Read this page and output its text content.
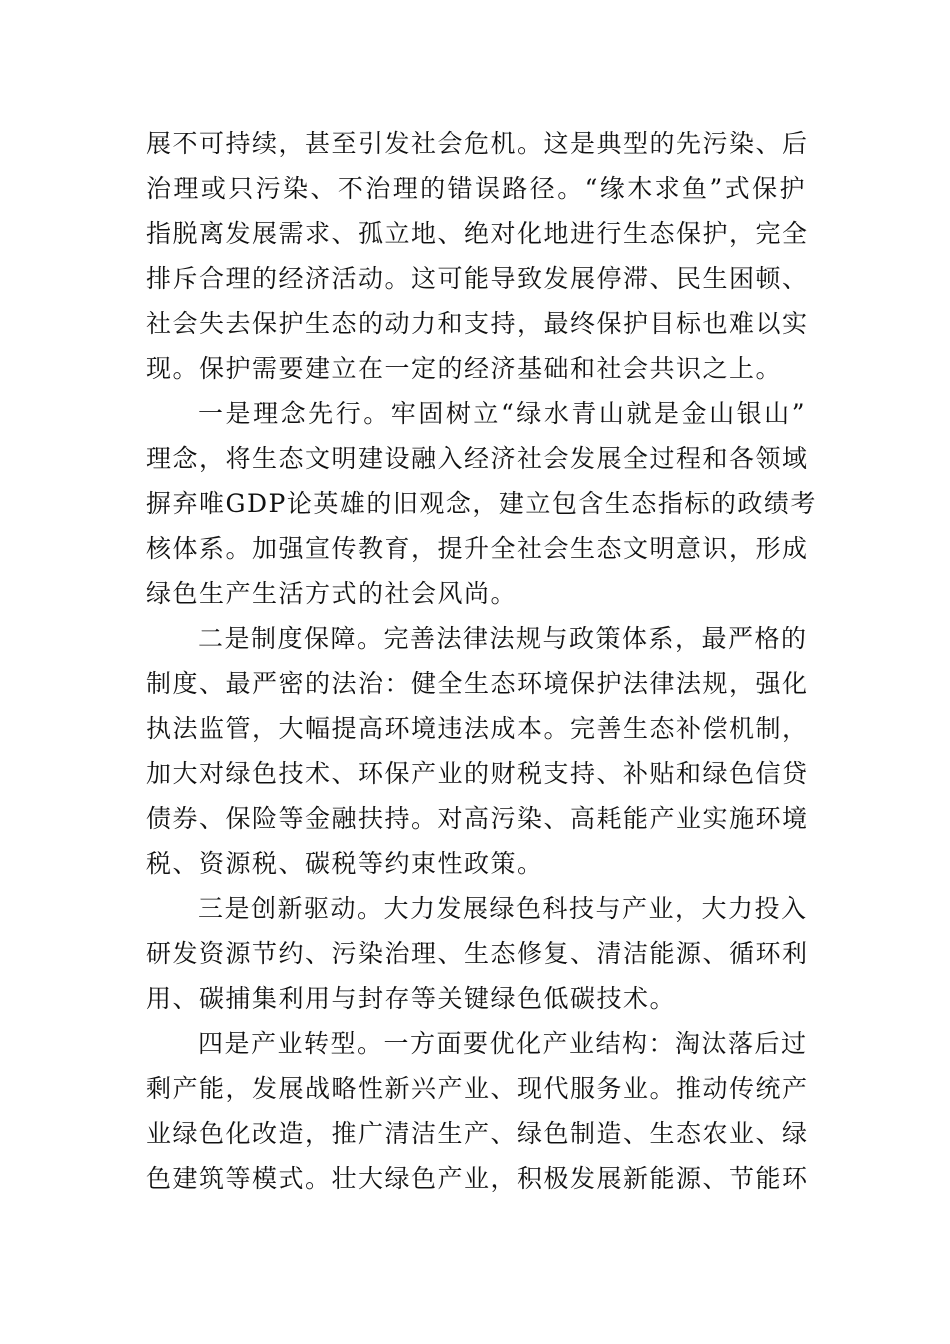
展不可持续，甚至引发社会危机。这是典型的先污染、后
治理或只污染、不治理的错误路径。“缘木求鱼”式保护
指脱离发展需求、孤立地、绝对化地进行生态保护，完全
排斥合理的经济活动。这可能导致发展停滞、民生困顿、
社会失去保护生态的动力和支持，最终保护目标也难以实
现。保护需要建立在一定的经济基础和社会共识之上。
一是理念先行。牢固树立“绿水青山就是金山银山”
理念，将生态文明建设融入经济社会发展全过程和各领域
摒弃唯GDP论英雄的旧观念，建立包含生态指标的政绩考
核体系。加强宣传教育，提升全社会生态文明意识，形成
绿色生产生活方式的社会风尚。
二是制度保障。完善法律法规与政策体系，最严格的
制度、最严密的法治：健全生态环境保护法律法规，强化
执法监管，大幅提高环境违法成本。完善生态补偿机制，
加大对绿色技术、环保产业的财税支持、补贴和绿色信贷
债券、保险等金融扶持。对高污染、高耗能产业实施环境
税、资源税、碳税等约束性政策。
三是创新驱动。大力发展绿色科技与产业，大力投入
研发资源节约、污染治理、生态修复、清洁能源、循环利
用、碳捕集利用与封存等关键绿色低碳技术。
四是产业转型。一方面要优化产业结构：淘汰落后过
剩产能，发展战略性新兴产业、现代服务业。推动传统产
业绿色化改造，推广清洁生产、绿色制造、生态农业、绿
色建筑等模式。壮大绿色产业，积极发展新能源、节能环
